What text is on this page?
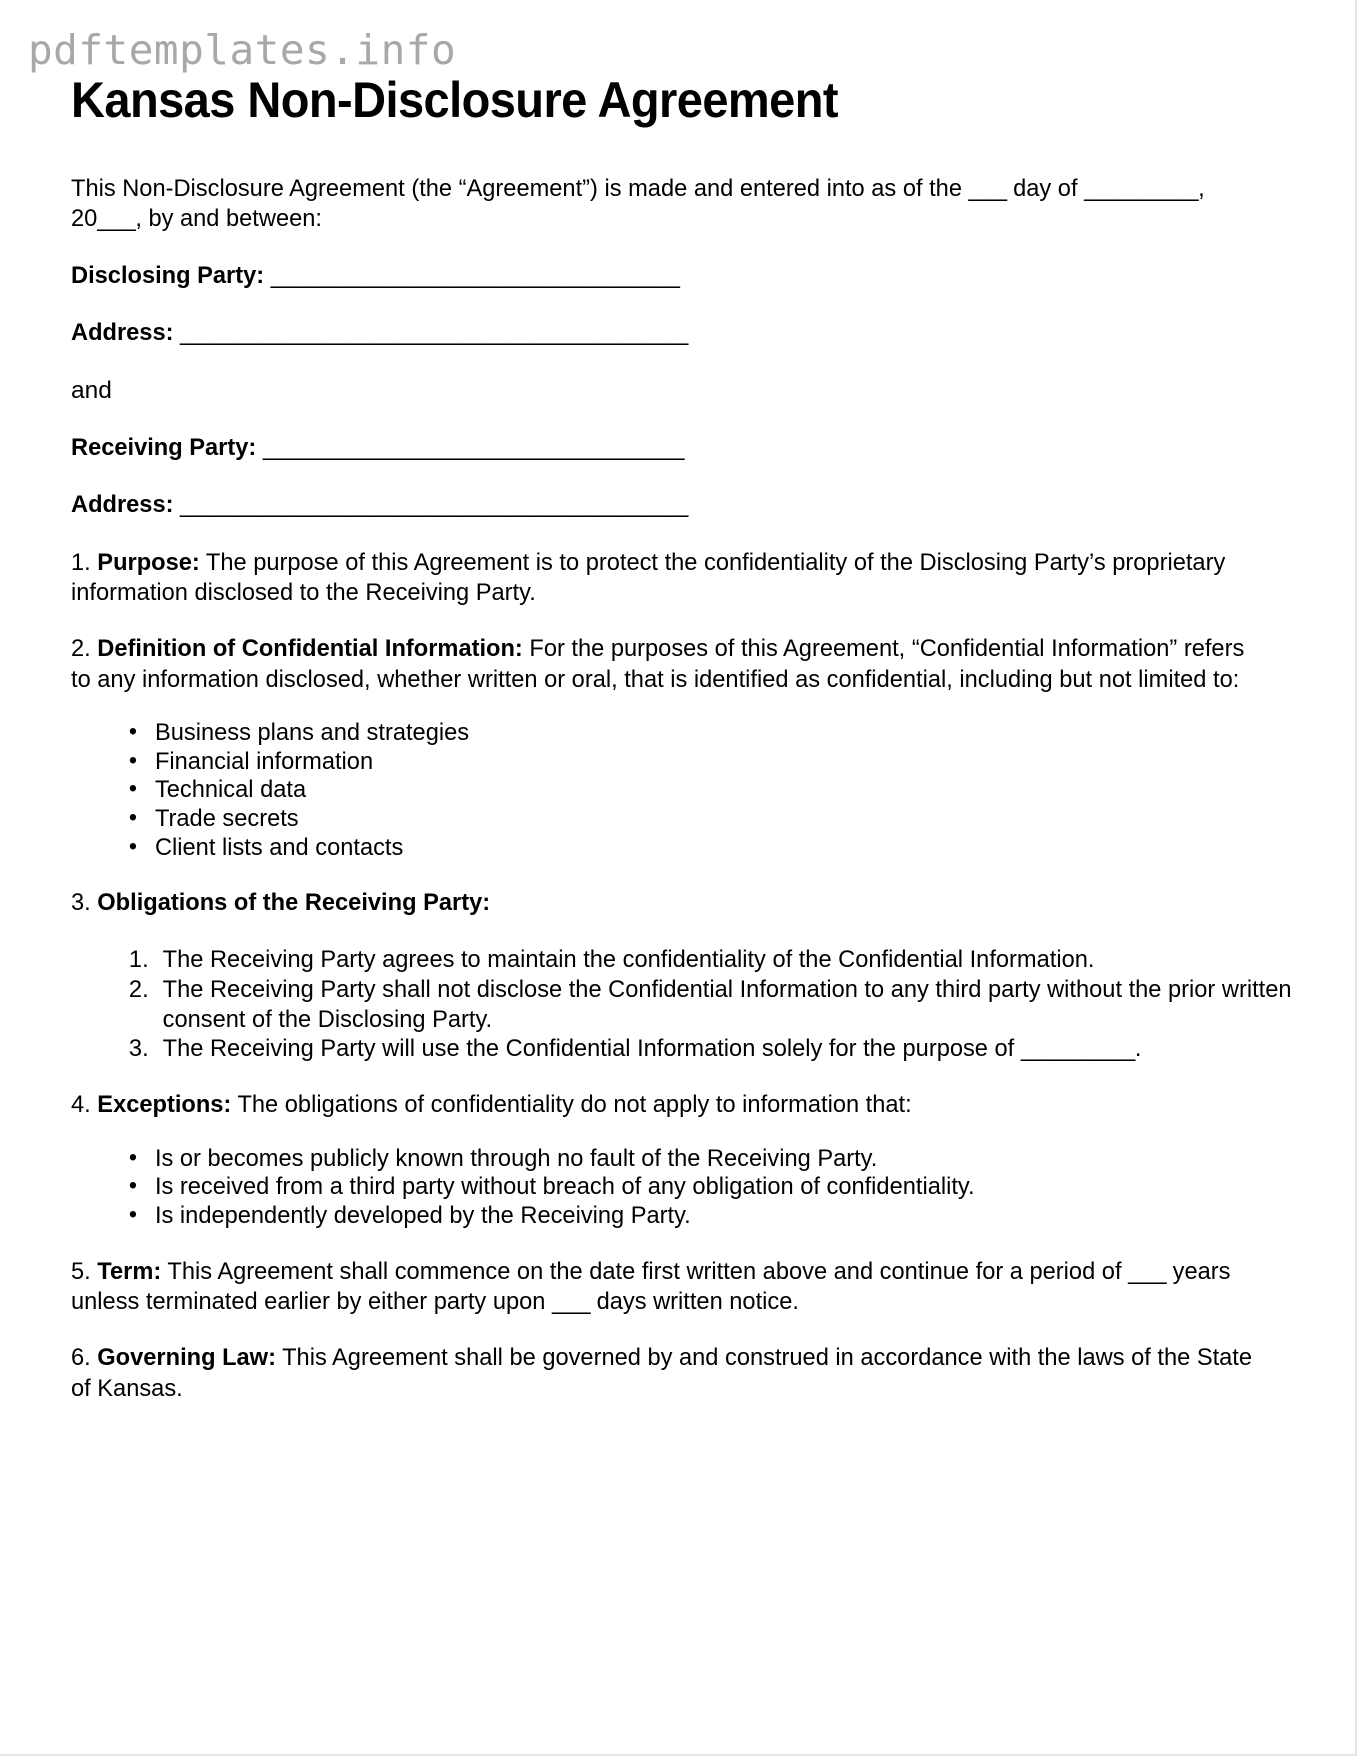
pdftemplates.info
Kansas Non-Disclosure Agreement

This Non-Disclosure Agreement (the “Agreement”) is made and entered into as of the ___ day of _________, 20___, by and between:

Disclosing Party: _________________________________

Address: _________________________________________

and

Receiving Party: __________________________________

Address: _________________________________________

1. Purpose: The purpose of this Agreement is to protect the confidentiality of the Disclosing Party’s proprietary information disclosed to the Receiving Party.

2. Definition of Confidential Information: For the purposes of this Agreement, “Confidential Information” refers to any information disclosed, whether written or oral, that is identified as confidential, including but not limited to:

• Business plans and strategies
• Financial information
• Technical data
• Trade secrets
• Client lists and contacts

3. Obligations of the Receiving Party:

The Receiving Party agrees to maintain the confidentiality of the Confidential Information.
The Receiving Party shall not disclose the Confidential Information to any third party without the prior written consent of the Disclosing Party.
The Receiving Party will use the Confidential Information solely for the purpose of _________.

4. Exceptions: The obligations of confidentiality do not apply to information that:

• Is or becomes publicly known through no fault of the Receiving Party.
• Is received from a third party without breach of any obligation of confidentiality.
• Is independently developed by the Receiving Party.

5. Term: This Agreement shall commence on the date first written above and continue for a period of ___ years unless terminated earlier by either party upon ___ days written notice.

6. Governing Law: This Agreement shall be governed by and construed in accordance with the laws of the State of Kansas.
